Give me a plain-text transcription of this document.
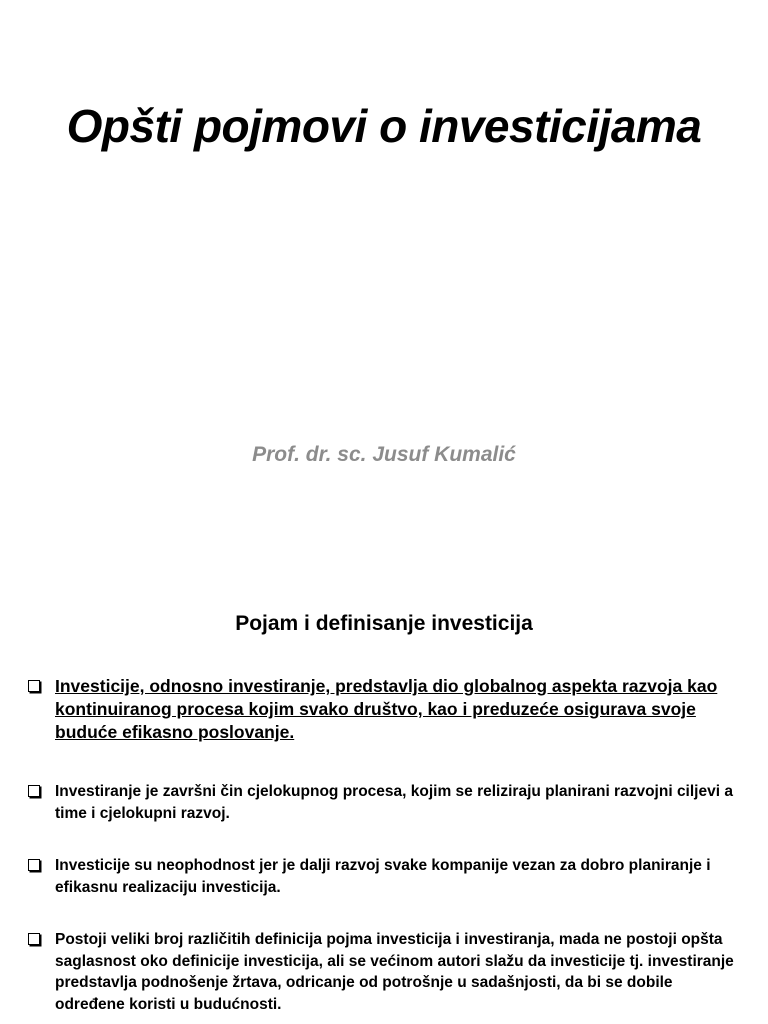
Opšti pojmovi o investicijama

Prof. dr. sc. Jusuf Kumalić

Pojam i definisanje investicija
Investicije, odnosno investiranje, predstavlja dio globalnog aspekta razvoja kao kontinuiranog procesa kojim svako društvo, kao i preduzeće osigurava svoje buduće efikasno poslovanje.
Investiranje je završni čin cjelokupnog procesa, kojim se relizirаju planirani razvojni ciljevi a time i cjelokupni razvoj.
Investicije su neophodnost jer je dalji razvoj svake kompanije vezan za dobro planiranje i efikasnu realizaciju investicija.
Postoji veliki broj različitih definicija pojma investicija i investiranja, mada ne postoji opšta saglasnost oko definicije investicija, ali se većinom autori slažu da investicije tj. investiranje predstavlja podnošenje žrtava, odricanje od potrošnje u sadašnjosti, da bi se dobile određene koristi u budućnosti.
